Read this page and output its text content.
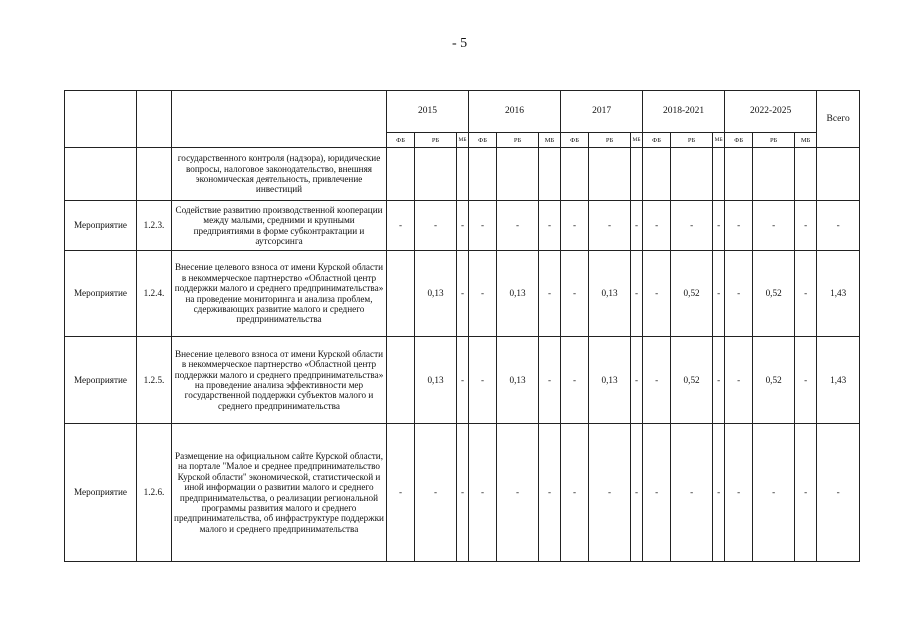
- 5
			2015			2016			2017			2018-2021			2022-2025			Всего
			ФБ	РБ	МБ	ФБ	РБ	МБ	ФБ	РБ	МБ	ФБ	РБ	МБ	ФБ	РБ	МБ	
		государственного контроля (надзора), юридические вопросы, налоговое законодательство, внешняя экономическая деятельность, привлечение инвестиций																
Мероприятие	1.2.3.	Содействие развитию производственной кооперации между малыми, средними и крупными предприятиями в форме субконтрактации и аутсорсинга	-	-	-	-	-	-	-	-	-	-	-	-	-	-	-	-
Мероприятие	1.2.4.	Внесение целевого взноса от имени Курской области в некоммерческое партнерство «Областной центр поддержки малого и среднего предпринимательства» на проведение мониторинга и анализа проблем, сдерживающих развитие малого и среднего предпринимательства		0,13	-	-	0,13	-	-	0,13	-	-	0,52	-	-	0,52	-	1,43
Мероприятие	1.2.5.	Внесение целевого взноса от имени Курской области в некоммерческое партнерство «Областной центр поддержки малого и среднего предпринимательства» на проведение анализа эффективности мер государственной поддержки субъектов малого и среднего предпринимательства		0,13	-	-	0,13	-	-	0,13	-	-	0,52	-	-	0,52	-	1,43
Мероприятие	1.2.6.	Размещение на официальном сайте Курской области, на портале "Малое и среднее предпринимательство Курской области" экономической, статистической и иной информации о развитии малого и среднего предпринимательства, о реализации региональной программы развития малого и среднего предпринимательства, об инфраструктуре поддержки малого и среднего предпринимательства	-	-	-	-	-	-	-	-	-	-	-	-	-	-	-	-
